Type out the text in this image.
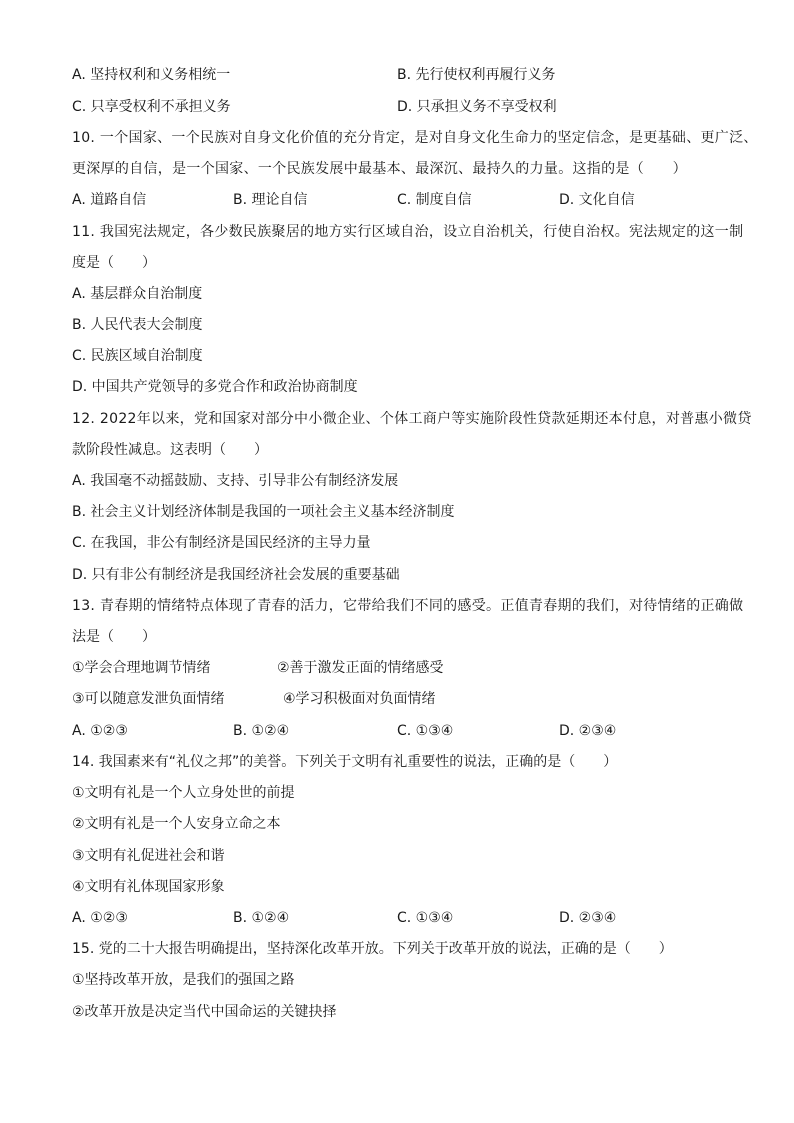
A. 坚持权利和义务相统一	B. 先行使权利再履行义务
C. 只享受权利不承担义务	D. 只承担义务不享受权利
10. 一个国家、一个民族对自身文化价值的充分肯定，是对自身文化生命力的坚定信念，是更基础、更广泛、
更深厚的自信，是一个国家、一个民族发展中最基本、最深沉、最持久的力量。这指的是（　　）
A. 道路自信	B. 理论自信	C. 制度自信	D. 文化自信
11. 我国宪法规定，各少数民族聚居的地方实行区域自治，设立自治机关，行使自治权。宪法规定的这一制
度是（　　）
A. 基层群众自治制度
B. 人民代表大会制度
C. 民族区域自治制度
D. 中国共产党领导的多党合作和政治协商制度
12. 2022年以来，党和国家对部分中小微企业、个体工商户等实施阶段性贷款延期还本付息，对普惠小微贷
款阶段性减息。这表明（　　）
A. 我国毫不动摇鼓励、支持、引导非公有制经济发展
B. 社会主义计划经济体制是我国的一项社会主义基本经济制度
C. 在我国，非公有制经济是国民经济的主导力量
D. 只有非公有制经济是我国经济社会发展的重要基础
13. 青春期的情绪特点体现了青春的活力，它带给我们不同的感受。正值青春期的我们，对待情绪的正确做
法是（　　）
①学会合理地调节情绪	②善于激发正面的情绪感受
③可以随意发泄负面情绪	④学习积极面对负面情绪
A. ①②③	B. ①②④	C. ①③④	D. ②③④
14. 我国素来有“礼仪之邦”的美誉。下列关于文明有礼重要性的说法，正确的是（　　）
①文明有礼是一个人立身处世的前提
②文明有礼是一个人安身立命之本
③文明有礼促进社会和谐
④文明有礼体现国家形象
A. ①②③	B. ①②④	C. ①③④	D. ②③④
15. 党的二十大报告明确提出，坚持深化改革开放。下列关于改革开放的说法，正确的是（　　）
①坚持改革开放，是我们的强国之路
②改革开放是决定当代中国命运的关键抉择
